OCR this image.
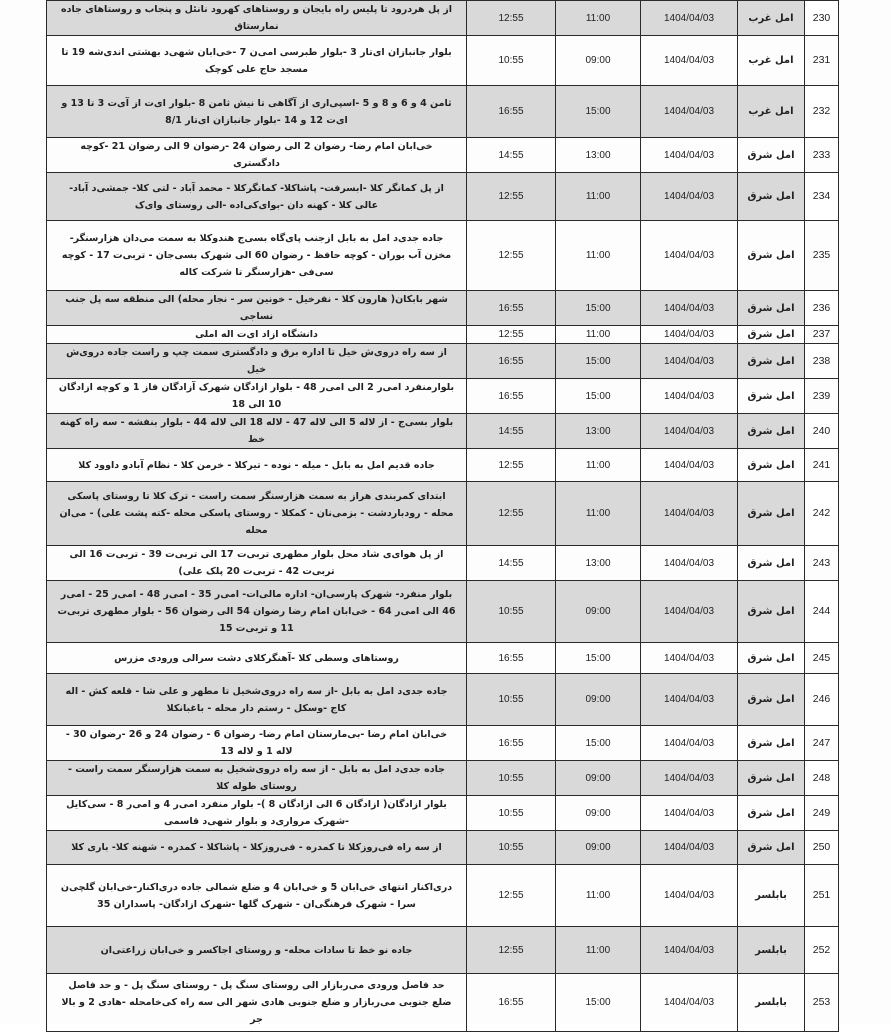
230	امل غرب	1404/04/03	11:00	12:55	از پل هردرود تا پلیس راه بایجان و روستاهای کهرود نانئل و پنجاب و روستاهای جاده نمارستاق
231	امل غرب	1404/04/03	09:00	10:55	بلوار جانبازان ای‌تار 3 -بلوار طبرسی امی‌ن 7 -خی‌ابان شهی‌د بهشتی اندی‌شه 19 تا مسجد حاج علی کوچک
232	امل غرب	1404/04/03	15:00	16:55	ثامن 4 و 6 و 8 و 5 -اسپی‌اری از آگاهی تا نیش ثامن 8 -بلوار ای‌ت از آی‌ت 3 تا 13 و ای‌ت 12 و 14 -بلوار جانبازان ای‌تار 8/1
233	امل شرق	1404/04/03	13:00	14:55	خی‌ابان امام رضا- رضوان 2 الی رضوان 24 -رضوان 9 الی رضوان 21 -کوچه دادگستری
234	امل شرق	1404/04/03	11:00	12:55	از پل کمانگر کلا -ابسرفت- پاشاکلا- کمانگرکلا - محمد آباد - لتی کلا- جمشی‌د آباد- عالی کلا - کهنه دان -بوای‌کی‌اده -الی روستای وای‌ک
235	امل شرق	1404/04/03	11:00	12:55	جاده جدی‌د امل به بابل ازجنب پای‌گاه بسی‌ج هندوکلا به سمت می‌دان هزارسنگر- مخزن آب بوران - کوچه حافظ - رضوان 60 الی شهرک بسی‌جان - تربی‌ت 17 - کوچه سی‌فی -هزارسنگر تا شرکت کاله
236	امل شرق	1404/04/03	15:00	16:55	شهر بابکان( هارون کلا - نفرخیل - خونین سر - نجار محله) الی منطقه سه پل جنب نساجی
237	امل شرق	1404/04/03	11:00	12:55	دانشگاه ازاد ای‌ت اله املی
238	امل شرق	1404/04/03	15:00	16:55	از سه راه دروی‌ش خیل تا اداره برق و دادگستری سمت چپ و راست جاده دروی‌ش خیل
239	امل شرق	1404/04/03	15:00	16:55	بلوارمنفرد امی‌ر 2 الی امی‌ر 48 - بلوار ازادگان شهرک آزادگان فاز 1 و کوچه ازادگان 10 الی 18
240	امل شرق	1404/04/03	13:00	14:55	بلوار بسی‌ج - از لاله 5 الی لاله 47 - لاله 18 الی لاله 44 - بلوار بنفشه - سه راه کهنه خط
241	امل شرق	1404/04/03	11:00	12:55	جاده قدیم امل به بابل - میله - نوده - تیرکلا - خرمن کلا - نظام آبادو داوود کلا
242	امل شرق	1404/04/03	11:00	12:55	ابتدای کمربندی هراز به سمت هزارسنگر سمت راست - ترک کلا تا روستای پاسکی محله - رودباردشت - بزمی‌نان - کمکلا - روستای پاسکی محله -کته پشت علی) - می‌ان محله
243	امل شرق	1404/04/03	13:00	14:55	از پل هوای‌ی شاد محل بلوار مطهری تربی‌ت 17 الی تربی‌ت 39 - تربی‌ت 16 الی تربی‌ت 42 - تربی‌ت 20 پلک علی)
244	امل شرق	1404/04/03	09:00	10:55	بلوار منفرد- شهرک پارسی‌ان- اداره مالی‌ات- امی‌ر 35 - امی‌ر 48 - امی‌ر 25 - امی‌ر 46 الی امی‌ر 64 - خی‌ابان امام رضا رضوان 54 الی رضوان 56 - بلوار مطهری تربی‌ت 11 و تربی‌ت 15
245	امل شرق	1404/04/03	15:00	16:55	روستاهای وسطی کلا -آهنگرکلای دشت سرالی ورودی مزرس
246	امل شرق	1404/04/03	09:00	10:55	جاده جدی‌د امل به بابل -از سه راه دروی‌شخیل تا مطهر و علی شا - قلعه کش - اله کاج -وسکل - رستم دار محله - باغبانکلا
247	امل شرق	1404/04/03	15:00	16:55	خی‌ابان امام رضا -بی‌مارستان امام رضا- رضوان 6 - رضوان 24 و 26 -رضوان 30 - لاله 1 و لاله 13
248	امل شرق	1404/04/03	09:00	10:55	جاده جدی‌د امل به بابل - از سه راه دروی‌شخیل به سمت هزارسنگر سمت راست - روستای طوله کلا
249	امل شرق	1404/04/03	09:00	10:55	بلوار ازادگان( ازادگان 6 الی ازادگان 8 )- بلوار منفرد امی‌ر 4 و امی‌ر 8 - سی‌کایل -شهرک مرواری‌د و بلوار شهی‌د قاسمی
250	امل شرق	1404/04/03	09:00	10:55	از سه راه فی‌روزکلا تا کمدره - فی‌روزکلا - پاشاکلا - کمدره - شهنه کلا- باری کلا
251	بابلسر	1404/04/03	11:00	12:55	دری‌اکنار انتهای خی‌ابان 5 و خی‌ابان 4 و ضلع شمالی جاده دری‌اکنار-خی‌ابان گلچی‌ن سرا - شهرک فرهنگی‌ان - شهرک گلها -شهرک ازادگان- پاسداران 35
252	بابلسر	1404/04/03	11:00	12:55	جاده نو خط تا سادات محله- و روستای اجاکسر و خی‌ابان زراعتی‌ان
253	بابلسر	1404/04/03	15:00	16:55	حد فاصل ورودی می‌ربازار الی روستای سنگ پل - روستای سنگ پل - و حد فاصل ضلع جنوبی می‌ربازار و ضلع جنوبی هادی شهر الی سه راه کی‌خامحله -هادی 2 و بالا جر
